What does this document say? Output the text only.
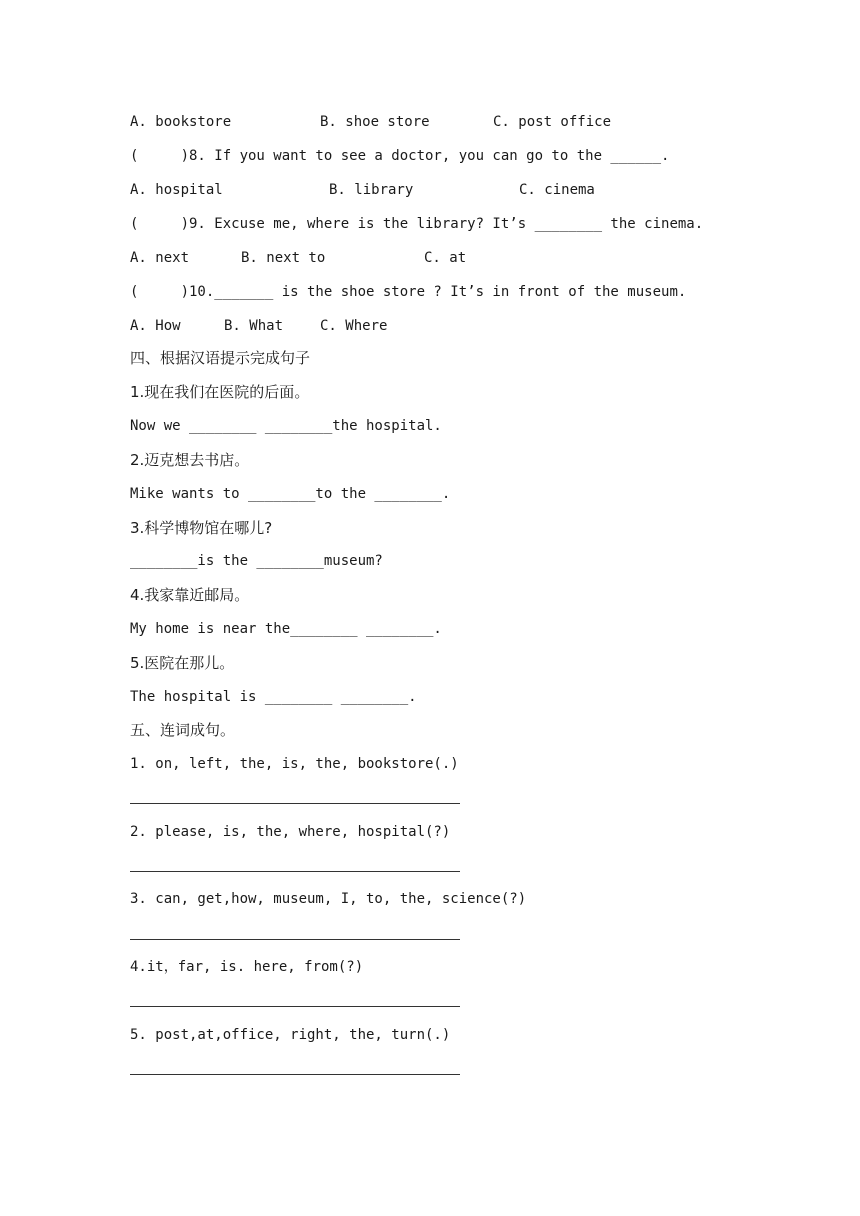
A. bookstore

	B. shoe store

	C. post office

(     )8. If you want to see a doctor, you can go to the ______.

A. hospital

	B. library

	C. cinema

(     )9. Excuse me, where is the library? It’s ________ the cinema.

A. next

	B. next to

	C. at

(     )10._______ is the shoe store ? It’s in front of the museum.

A. How

	B. What

	C. Where

四、根据汉语提示完成句子
1.现在我们在医院的后面。
Now we ________ ________the hospital.
2.迈克想去书店。
Mike wants to ________to the ________.
3.科学博物馆在哪儿?
________is the ________museum?
4.我家靠近邮局。
My home is near the________ ________.
5.医院在那儿。
The hospital is ________ ________.
五、连词成句。
1. on, left, the, is, the, bookstore(.)
2. please, is, the, where, hospital(?)
3. can, get,how, museum, I, to, the, science(?)
4.it，far, is. here, from(?)
5. post,at,office, right, the, turn(.)
